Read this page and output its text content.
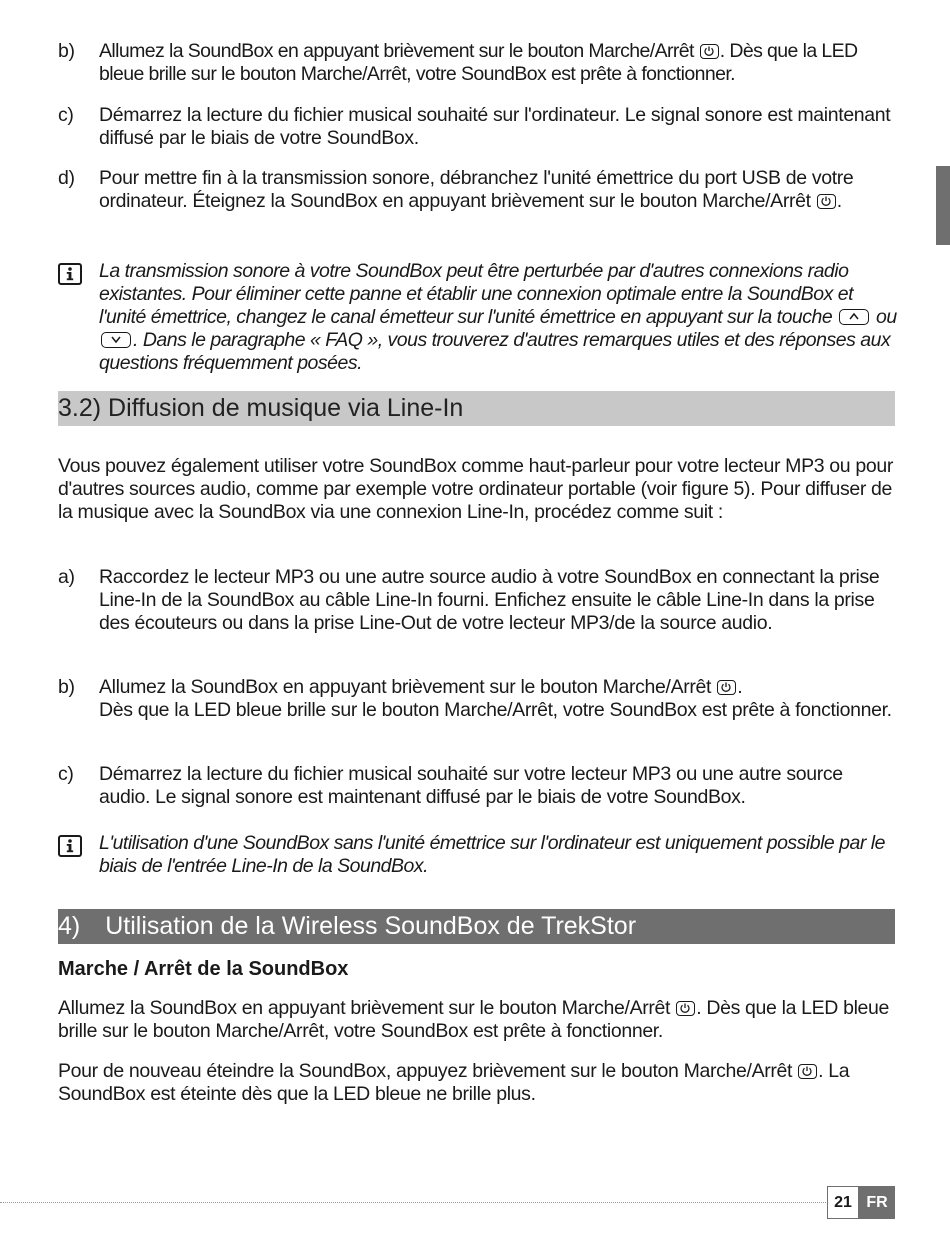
b) Allumez la SoundBox en appuyant brièvement sur le bouton Marche/Arrêt
. Dès que la LED bleue brille sur le bouton Marche/Arrêt, votre SoundBox est prête à fonctionner.
c) Démarrez la lecture du fichier musical souhaité sur l'ordinateur. Le signal sonore est maintenant diffusé par le biais de votre SoundBox.
d) Pour mettre fin à la transmission sonore, débranchez l'unité émettrice du port USB de votre ordinateur. Éteignez la SoundBox en appuyant brièvement sur le bouton Marche/Arrêt
.
La transmission sonore à votre SoundBox peut être perturbée par d'autres connexions radio existantes. Pour éliminer cette panne et établir une connexion optimale entre la SoundBox et l'unité émettrice, changez le canal émetteur sur l'unité émettrice en appuyant sur la touche
ou
. Dans le paragraphe « FAQ », vous trouverez d'autres remarques utiles et des réponses aux questions fréquemment posées.
3.2) Diffusion de musique via Line-In
Vous pouvez également utiliser votre SoundBox comme haut-parleur pour votre lecteur MP3 ou pour d'autres sources audio, comme par exemple votre ordinateur portable (voir figure 5). Pour diffuser de la musique avec la SoundBox via une connexion Line-In, procédez comme suit :
a) Raccordez le lecteur MP3 ou une autre source audio à votre SoundBox en connectant la prise Line-In de la SoundBox au câble Line-In fourni. Enfichez ensuite le câble Line-In dans la prise des écouteurs ou dans la prise Line-Out de votre lecteur MP3/de la source audio.
b) Allumez la SoundBox en appuyant brièvement sur le bouton Marche/Arrêt
.
Dès que la LED bleue brille sur le bouton Marche/Arrêt, votre SoundBox est prête à fonctionner.
c) Démarrez la lecture du fichier musical souhaité sur votre lecteur MP3 ou une autre source audio. Le signal sonore est maintenant diffusé par le biais de votre SoundBox.
L'utilisation d'une SoundBox sans l'unité émettrice sur l'ordinateur est uniquement possible par le biais de l'entrée Line-In de la SoundBox.
4) Utilisation de la Wireless SoundBox de TrekStor
Marche / Arrêt de la SoundBox
Allumez la SoundBox en appuyant brièvement sur le bouton Marche/Arrêt
. Dès que la LED bleue brille sur le bouton Marche/Arrêt, votre SoundBox est prête à fonctionner.
Pour de nouveau éteindre la SoundBox, appuyez brièvement sur le bouton Marche/Arrêt
. La SoundBox est éteinte dès que la LED bleue ne brille plus.
21 FR
